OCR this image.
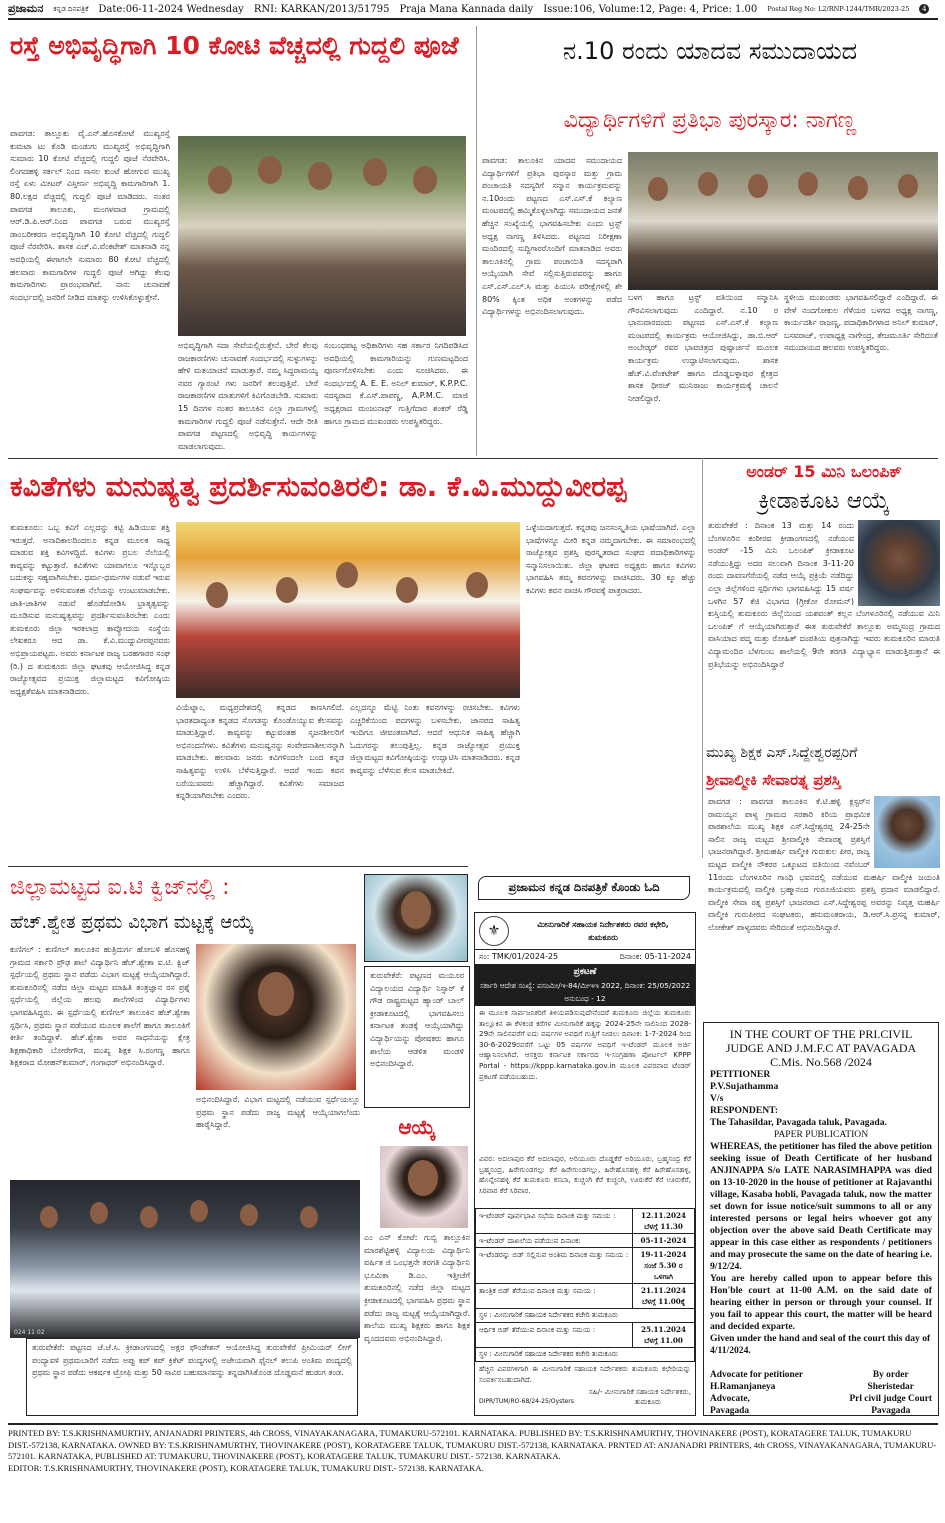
ಪ್ರಜಾಮನ ಕನ್ನಡ ದಿನಪತ್ರಿಕೆ Date:06-11-2024 Wednesday RNI: KARKAN/2013/51795 Praja Mana Kannada daily Issue:106, Volume:12, Page: 4, Price: 1.00 Postal Reg No: L2/RNP-1244/TMR/2023-25	4
ರಸ್ತೆ ಅಭಿವೃದ್ಧಿಗಾಗಿ 10 ಕೋಟಿ ವೆಚ್ಚದಲ್ಲಿ ಗುದ್ದಲಿ ಪೂಜೆ
ಪಾವಗಡ: ತಾಲ್ಲೂಕು ವೈ.ಎನ್.ಹೊಸಕೋಟೆ ಮುಖ್ಯರಸ್ತೆ ಕುಮಟಾ ಟು ಕೊಡಿ ಮಂಡುಗು ಮುಖ್ಯರಸ್ತೆ ಅಭಿವೃದ್ಧಿಗಾಗಿ ಸುಮಾರು 10 ಕೋಟಿ ವೆಚ್ಚದಲ್ಲಿ ಗುದ್ದಲಿ ಪೂಜೆ ನೆರವೇರಿಸಿ. ಲಿಂಗದಹಳ್ಳಿ ಸರ್ಕಲ್ ನಿಂದ ಸಾಸಲ ಕುಂಟೆ ಹೋಗುವ ಮುಖ್ಯ ರಸ್ತೆ ಏಳು ಮೀಟರ್ ವಿಸ್ತೀರ್ಣ ಅಭಿವೃದ್ಧಿ ಕಾಮಗಾರಿಗಾಗಿ 1. 80.ಲಕ್ಷದ ವೆಚ್ಚದಲ್ಲಿ ಗುದ್ದಲಿ ಪೂಜೆ ಮಾಡಿದರು. ನಂತರ ಪಾವಗಡ ತಾಲೂಕು, ಮಂಗಳವಾಡ ಗ್ರಾಮದಲ್ಲಿ ಆರ್.ಡಿ.ಪಿ.ಆರ್.ನಿಂದ ಪಾವಗಡ ಬರುವ ಮುಖ್ಯರಸ್ತೆ ಡಾಂಬರೀಕರಣ ಅಭಿವೃದ್ಧಿಗಾಗಿ 10 ಕೋಟಿ ವೆಚ್ಚದಲ್ಲಿ ಗುದ್ದಲಿ ಪೂಜೆ ನೆರವೇರಿಸಿ. ಶಾಸಕ ಎಚ್.ವಿ.ವೆಂಕಟೇಶ್ ಮಾತನಾಡಿ ನನ್ನ ಅವಧಿಯಲ್ಲಿ ಈಗಾಗಲೇ ಸುಮಾರು 80 ಕೋಟಿ ವೆಚ್ಚದಲ್ಲಿ ಹಲವಾರು ಕಾಮಗಾರಿಗಳ ಗುದ್ದಲಿ ಪೂಜೆ ಆಗಿದ್ದು ಕೆಲವು ಕಾಮಗಾರಿಗಳು ಪ್ರಾರಂಭವಾಗಿವೆ. ನಾನು ಚುನಾವಣೆ ಸಂದರ್ಭದಲ್ಲಿ ಜನರಿಗೆ ನೀಡಿದ ಮಾತನ್ನು ಉಳಿಸಿಕೊಳ್ಳುತ್ತೇನೆ.
ಅಭಿವೃದ್ಧಿಗಾಗಿ ಸದಾ ಸೇವೆಯಲ್ಲಿರುತ್ತೇನೆ. ಬೇರೆ ಕೆಲವು ರಾಜಕಾರಣಿಗಳು ಚುನಾವಣೆ ಸಂದರ್ಭದಲ್ಲಿ ಸುಳ್ಳುಗಳನ್ನು ಹೇಳಿ ಮತಯಾಚನೆ ಮಾಡುತ್ತಾರೆ. ನಮ್ಮ ಸಿದ್ದರಾಮಯ್ಯ ನವರ ಗ್ಯಾರಂಟಿ ಗಳು ಜನರಿಗೆ ತಲುಪುತ್ತಿವೆ. ಬೇರೆ ರಾಜಕಾರಣಿಗಳ ಮಾತುಗಳಿಗೆ ಕಿವಿಗೊಡಬೇಡಿ. ಸುಮಾರು 15 ದಿನಗಳ ನಂತರ ತಾಲೂಕಿನ ಎಲ್ಲಾ ಗ್ರಾಮಗಳಲ್ಲಿ ಕಾಮಗಾರಿಗಳ ಗುದ್ದಲಿ ಪೂಜೆ ನಡೆಸುತ್ತೇನೆ. ಆದೇ ರೀತಿ ಪಾವಗಡ ಪಟ್ಟಣದಲ್ಲಿ ಅಭಿವೃದ್ಧಿ ಕಾರ್ಯಗಳನ್ನು ಮಾಡಲಾಗುವುದು.
ಸಂಬಂಧಪಟ್ಟ ಅಧಿಕಾರಿಗಳು ಸಹ ಸರ್ಕಾರ ನಿಗದಿಪಡಿಸಿದ ಅವಧಿಯಲ್ಲಿ ಕಾಮಗಾರಿಯನ್ನು ಗುಣಮಟ್ಟದಿಂದ ಪೂರ್ಣಗೊಳಿಸಬೇಕು ಎಂದು ಸೂಚಿಸಿದರು. ಈ ಸಂದರ್ಭದಲ್ಲಿ A. E. E. ಅನಿಲ್ ಕುಮಾರ್, K.P.P.C. ಸದಸ್ಯರಾದ ಕೆ.ಎಸ್.ಪಾಪಣ್ಣ, A.P.M.C. ಮಾಜಿ ಅಧ್ಯಕ್ಷರಾದ ಮಂಜುನಾಥ್ ಗುತ್ತಿಗೆದಾರ ಶಂಕರ್ ರೆಡ್ಡಿ ಹಾಗೂ ಗ್ರಾಮದ ಮುಖಂಡರು ಉಪಸ್ಥಿತರಿದ್ದರು.
ನ.10 ರಂದು ಯಾದವ ಸಮುದಾಯದ
ವಿದ್ಯಾರ್ಥಿಗಳಿಗೆ ಪ್ರತಿಭಾ ಪುರಸ್ಕಾರ: ನಾಗಣ್ಣ
ಪಾವಗಡ: ತಾಲೂಕಿನ ಯಾದವ ಸಮುದಾಯದ ವಿದ್ಯಾರ್ಥಿಗಳಿಗೆ ಪ್ರತಿಭಾ ಪುರಸ್ಕಾರ ಮತ್ತು ಗ್ರಾಮ ಪಂಚಾಯತಿ ಸದಸ್ಯರಿಗೆ ಸನ್ಮಾನ ಕಾರ್ಯಕ್ರಮವನ್ನು ನ.10ರಂದು ಪಟ್ಟಣದ ಎಸ್.ಎಸ್.ಕೆ ಕಲ್ಯಾಣ ಮಂಟಪದಲ್ಲಿ ಹಮ್ಮಿಕೊಳ್ಳಲಾಗಿದ್ದು ಸಮುದಾಯದ ಜನತೆ ಹೆಚ್ಚಿನ ಸಂಖ್ಯೆಯಲ್ಲಿ ಭಾಗವಹಿಸಬೇಕು ಎಂದು ಟ್ರಸ್ಟ್ ಅಧ್ಯಕ್ಷ ನಾಗಣ್ಣ ತಿಳಿಸಿದರು. ಪಟ್ಟಣದ ನಿರೀಕ್ಷಣಾ ಮಂದಿರದಲ್ಲಿ ಸುದ್ದಿಗಾರರೊಂದಿಗೆ ಮಾತನಾಡಿದ ಅವರು ತಾಲೂಕಿನಲ್ಲಿ ಗ್ರಾಮ ಪಂಚಾಯಿತಿ ಸದಸ್ಯರಾಗಿ ಆಯ್ಕೆಯಾಗಿ ಸೇವೆ ಸಲ್ಲಿಸುತ್ತಿರುವವರನ್ನು ಹಾಗೂ ಎಸ್.ಎಸ್.ಎಲ್.ಸಿ ಮತ್ತು ಪಿಯುಸಿ ಪರೀಕ್ಷೆಗಳಲ್ಲಿ ಶೇ 80% ಕ್ಕಿಂತ ಅಧಿಕ ಅಂಕಗಳನ್ನು ಪಡೆದ ವಿದ್ಯಾರ್ಥಿಗಳನ್ನು ಅಭಿನಂದಿಸಲಾಗುವುದು.
ಬಳಗ ಹಾಗೂ ಟ್ರಸ್ಟ್ ವತಿಯಿಂದ ಸನ್ಮಾನಿಸಿ ಗೌರವಿಸಲಾಗುವುದು ಎಂದಿದ್ದಾರೆ. ನ.10 ರ ಭಾನುವಾರದಂದು ಪಟ್ಟಣದ ಎಸ್.ಎಸ್.ಕೆ ಕಲ್ಯಾಣ ಮಂಟಪದಲ್ಲಿ ಕಾರ್ಯಕ್ರಮ ಆಯೋಜಿಸಿದ್ದು, ಡಾ.ಬಿ.ಆರ್ ಅಂಬೇಡ್ಕರ್ ರವರ ಭಾವಚಿತ್ರದ ಪುಷ್ಪಾರ್ಚನೆ ಮೂಲಕ ಕಾರ್ಯಕ್ರಮ ಉದ್ಘಾಟಿಸಲಾಗುವುದು. ಶಾಸಕ ಹೆಚ್.ವಿ.ವೆಂಕಟೇಶ್ ಹಾಗೂ ದೊಡ್ಡಬಳ್ಳಾಪುರ ಕ್ಷೇತ್ರದ ಶಾಸಕ ಧೀರಜ್ ಮುನಿರಾಜು ಕಾರ್ಯಕ್ರಮಕ್ಕೆ ಚಾಲನೆ ನೀಡಲಿದ್ದಾರೆ.
ಸ್ಥಳೀಯ ಮುಖಂಡರು ಭಾಗವಹಿಸಲಿದ್ದಾರೆ ಎಂದಿದ್ದಾರೆ. ಈ ವೇಳೆ ನಂದಗೋಕುಲ ಗೆಳೆಯರ ಬಳಗದ ಅಧ್ಯಕ್ಷ ನಾಗಣ್ಣ, ಕಾರ್ಯದರ್ಶಿ ರಾಜಣ್ಣ, ಪದಾಧಿಕಾರಿಗಳಾದ ಅನಿಲ್ ಕುಮಾರ್, ಬಸವರಾಜ್, ಉಪಾಧ್ಯಕ್ಷ ನಾಗೇಂದ್ರ, ತೇಜಮೂರ್ತಿ ಸೇರಿದಂತೆ ಸಮುದಾಯದ ಹಲವರು ಉಪಸ್ಥಿತರಿದ್ದರು.
ಕವಿತೆಗಳು ಮನುಷ್ಯತ್ವ ಪ್ರದರ್ಶಿಸುವಂತಿರಲಿ: ಡಾ. ಕೆ.ವಿ.ಮುದ್ದುವೀರಪ್ಪ
ತುಮಕೂರು: ಒಬ್ಬ ಕವಿಗೆ ಎಲ್ಲದನ್ನು ಕಟ್ಟಿ ಹಿಡಿಯುವ ಶಕ್ತಿ ಇರುತ್ತದೆ. ಅನಾದಿಕಾಲದಿಂದಲೂ ಕನ್ನಡ ಮೂಲಕ ಸಾಧ್ಯ ಮಾಡುವ ಶಕ್ತಿ ಕವಿಗಳದ್ದಿದೆ. ಕವಿಗಳು ಪ್ರಬಲ ನೆಲೆಯಲ್ಲಿ ಕಾವ್ಯವನ್ನು ಕಟ್ಟುತ್ತಾರೆ. ಕವಿತೆಗಳು ಯಾವಾಗಲೂ ಇನ್ನೊಬ್ಬರ ಬದುಕನ್ನು ಸಹ್ಯವಾಗಿಸಬೇಕು. ಧರ್ಮ-ಧರ್ಮಗಳ ನಡುವೆ ಇರುವ ಸಂಘರ್ಷವನ್ನು ಅಳಿಸುವಂತಹ ನೆಲೆಯನ್ನು ಉಂಟುಮಾಡಬೇಕು. ಜಾತಿ-ಜಾತಿಗಳ ನಡುವೆ ಹೊಡೆದೋಡಿಸಿ ಭ್ರಾತೃತ್ವವನ್ನು ಮೂಡಿಸುವ ಮನುಷ್ಯತ್ವವನ್ನು ಪ್ರದರ್ಶಿಸುವಂತಿರಬೇಕು ಎಂದು ತುಮಕೂರು ಜಿಲ್ಲಾ ಇರಕಲಾದ್ರ ಕಾವ್ಯೋದಯ ಸಂಸ್ಥೆಯ ಲೇಖಕರೂ ಆದ ಡಾ. ಕೆ.ವಿ.ಮುದ್ದುವೀರಪ್ಪನವರು ಅಭಿಪ್ರಾಯಪಟ್ಟರು. ಅವರು ಕರ್ನಾಟಕ ರಾಜ್ಯ ಬರಹಗಾರರ ಸಂಘ (ರಿ.) ದ ತುಮಕೂರು ಜಿಲ್ಲಾ ಘಟಕವು ಆಯೋಜಿಸಿದ್ದ ಕನ್ನಡ ರಾಜ್ಯೋತ್ಸವದ ಪ್ರಯುಕ್ತ ಜಿಲ್ಲಾಮಟ್ಟದ ಕವಿಗೋಷ್ಠಿಯ ಅಧ್ಯಕ್ಷತೆವಹಿಸಿ ಮಾತನಾಡಿದರು.
ವಿಯೆಟ್ನಾಂ, ಮಧ್ಯಪ್ರದೇಶದಲ್ಲಿ ಕನ್ನಡದ ಕಾಣಸಿಗಲಿದೆ. ಭಾರತದಾದ್ಯಂತ ಕನ್ನಡದ ಸೊಗಡನ್ನು ಕೊಂಡೊಯ್ಯುವ ಕೆಲಸವನ್ನು ಮಾಡುತ್ತಿದ್ದಾರೆ. ಕಾವ್ಯವನ್ನು ಕಟ್ಟುವಂತಹ ಸೃಜನಶೀಲರಿಗೆ ಅಭಿನಂದನೆಗಳು. ಕವಿತೆಗಳು ಮನುಷ್ಯನನ್ನು ಸಂವೇದನಾಶೀಲನನ್ನಾಗಿ ಮಾಡಬೇಕು. ಹಲವಾರು ಜನರು ಕವಿಗಳಿಂದಲೇ ಬಂದ ಕನ್ನಡ ಸಾಹಿತ್ಯವನ್ನು ಉಳಿಸಿ ಬೆಳೆಸುತ್ತಿದ್ದಾರೆ. ಆದರೆ ಇಂದು ಕವನ ಬರೆಯುವವರು ಹೆಚ್ಚಾಗಿದ್ದಾರೆ. ಕವಿತೆಗಳು ಸಮಾಜದ ಕನ್ನಡಿಯಾಗಿರಬೇಕು ಎಂದರು.
ಎಲ್ಲದನ್ನೂ ಮೆಟ್ಟಿ ನಿಂತು ಕವನಗಳನ್ನು ರಚಿಸಬೇಕು. ಕವಿಗಳು ಎಚ್ಚರಿಕೆಯಿಂದ ಪದಗಳನ್ನು ಬಳಸಬೇಕು. ಜಾನಪದ ಸಾಹಿತ್ಯ ಇಂದಿಗೂ ಜೀವಂತವಾಗಿದೆ. ಆದರೆ ಆಧುನಿಕ ಸಾಹಿತ್ಯ ಹೆಚ್ಚಾಗಿ ಓದುಗರನ್ನು ತಲುಪುತ್ತಿಲ್ಲ. ಕನ್ನಡ ರಾಜ್ಯೋತ್ಸವ ಪ್ರಯುಕ್ತ ಜಿಲ್ಲಾಮಟ್ಟದ ಕವಿಗೋಷ್ಠಿಯನ್ನು ಉದ್ಘಾಟಿಸಿ ಮಾತನಾಡಿದರು. ಕನ್ನಡ ಕಾವ್ಯವನ್ನು ಬೆಳೆಸುವ ಕೆಲಸ ಮಾಡಬೇಕಿದೆ.
ಒಳ್ಳೆಯದಾಗುತ್ತದೆ. ಕನ್ನಡವು ಜನಸಂಸ್ಕೃತಿಯ ಭಾಷೆಯಾಗಿದೆ. ಎಲ್ಲಾ ಭಾಷೆಗಳನ್ನೂ ಮೀರಿ ಕನ್ನಡ ನಮ್ಮದಾಗಬೇಕು. ಈ ಸಮಾರಂಭದಲ್ಲಿ ರಾಜ್ಯೋತ್ಸವ ಪ್ರಶಸ್ತಿ ಪುರಸ್ಕೃತರಾದ ಸಂಘದ ಪದಾಧಿಕಾರಿಗಳನ್ನು ಸನ್ಮಾನಿಸಲಾಯಿತು. ಜಿಲ್ಲಾ ಘಟಕದ ಅಧ್ಯಕ್ಷರು ಹಾಗೂ ಕವಿಗಳು ಭಾಗವಹಿಸಿ ತಮ್ಮ ಕವನಗಳನ್ನು ವಾಚಿಸಿದರು. 30 ಕ್ಕೂ ಹೆಚ್ಚು ಕವಿಗಳು ಕವನ ವಾಚಿಸಿ ಗೌರವಕ್ಕೆ ಪಾತ್ರರಾದರು.
ಅಂಡರ್ 15 ಮಿನಿ ಒಲಂಪಿಕ್
ಕ್ರೀಡಾಕೂಟ ಆಯ್ಕೆ
ತುರುವೇಕೆರೆ : ದಿನಾಂಕ 13 ಮತ್ತು 14 ರಂದು ಬೆಂಗಳೂರಿನ ಕಂಠೀರವ ಕ್ರೀಡಾಂಗಣದಲ್ಲಿ ನಡೆಯುವ ಅಂಡರ್ -15 ಮಿನಿ ಒಲಂಪಿಕ್ ಕ್ರೀಡಾಕೂಟ ನಡೆಯುತ್ತಿದ್ದು ಅದರ ಸಲುವಾಗಿ ದಿನಾಂಕ 3-11-20 ರಂದು ದಾವಣಗೆರೆಯಲ್ಲಿ ನಡೆದ ಆಯ್ಕೆ ಪ್ರಕ್ರಿಯೆ ನಡೆದಿದ್ದು ಎಲ್ಲಾ ಜಿಲ್ಲೆಗಳಿಂದ ಸ್ಪರ್ಧಿಗಳು ಭಾಗವಹಿಸಿದ್ದು 15 ವರ್ಷ ಒಳಗಿನ 57 ಕೆಜಿ ವಿಭಾಗದ (ಗ್ರೀಕೋ ರೋಮನ್) ಕುಸ್ತಿಯಲ್ಲಿ ತುಮಕೂರು ಜಿಲ್ಲೆಯಿಂದ ಯಶವಂತ್ ಕಲ್ಲನ ಬೆಂಗಳೂರಿನಲ್ಲಿ ನಡೆಯುವ ಮಿನಿ ಒಲಂಪಿಕ್ ಗೆ ಆಯ್ಕೆಯಾಗಿರುತ್ತಾರೆ ಈತ ತುರುವೇಕೆರೆ ತಾಲ್ಲೂಕು ಅಮ್ಮಸಂದ್ರ ಗ್ರಾಮದ ವಾಸಿಯಾದ ಪದ್ಮ ಮತ್ತು ರೋಹಿತ್ ದಂಪತಿಯ ಪುತ್ರನಾಗಿದ್ದು ಇವರು ತುಮಕೂರಿನ ಮಾರುತಿ ವಿದ್ಯಾಮಂದಿರ ಬೆಳಗುಂಬ ಶಾಲೆಯಲ್ಲಿ 9ನೇ ತರಗತಿ ವಿದ್ಯಾಭ್ಯಾಸ ಮಾಡುತ್ತಿರುತ್ತಾನೆ ಈ ಪ್ರತಿಭೆಯನ್ನು ಅಭಿನಂದಿಸಿದ್ದಾರೆ
ಮುಖ್ಯ ಶಿಕ್ಷಕ ಎಸ್.ಸಿದ್ದೇಶ್ವರಪ್ಪರಿಗೆ
ಶ್ರೀವಾಲ್ಮೀಕಿ ಸೇವಾರತ್ನ ಪ್ರಶಸ್ತಿ
ಪಾವಗಡ : ಪಾವಗಡ ತಾಲೂಕಿನ ಕೆ.ಟಿ.ಹಳ್ಳಿ ಕ್ಲಸ್ಟರ್‌ನ ರಾಮಯ್ಯನ ಪಾಳ್ಯ ಗ್ರಾಮದ ಸರಕಾರಿ ಕಿರಿಯ ಪ್ರಾಥಮಿಕ ಪಾಠಶಾಲೆಯ ಮುಖ್ಯ ಶಿಕ್ಷಕ ಎಸ್.ಸಿದ್ದೇಶ್ವರಪ್ಪ 24-25ನೇ ಸಾಲಿನ ರಾಜ್ಯ ಮಟ್ಟದ ಶ್ರೀವಾಲ್ಮೀಕಿ ಸೇವಾರತ್ನ ಪ್ರಶಸ್ತಿಗೆ ಭಾಜನರಾಗಿದ್ದಾರೆ. ಶ್ರೀಮಹರ್ಷಿ ವಾಲ್ಮೀಕಿ ಗುರುಕುಲ ಪೀಠ, ರಾಜ್ಯ ಮಟ್ಟದ ವಾಲ್ಮೀಕಿ ನೌಕರರ ಒಕ್ಕೂಟದ ವತಿಯಿಂದ ನವೆಂಬರ್ 11ರಂದು ಬೆಂಗಳೂರಿನ ಗಾಂಧಿ ಭವನದಲ್ಲಿ ನಡೆಯುವ ಮಹರ್ಷಿ ವಾಲ್ಮೀಕಿ ಜಯಂತಿ ಕಾರ್ಯಕ್ರಮದಲ್ಲಿ ವಾಲ್ಮೀಕಿ ಬ್ರಹ್ಮಾನಂದ ಗುರೂಜಿಯವರು ಪ್ರಶಸ್ತಿ ಪ್ರದಾನ ಮಾಡಲಿದ್ದಾರೆ. ವಾಲ್ಮೀಕಿ ಸೇವಾ ರತ್ನ ಪ್ರಶಸ್ತಿಗೆ ಭಾಜನರಾದ ಎಸ್.ಸಿದ್ದೇಶ್ವರಪ್ಪ ಅವರನ್ನು ನಿವೃತ್ತ ಮಹರ್ಷಿ ವಾಲ್ಮೀಕಿ ಗುರುಪೀಠದ ಸಂಘಟಕರು, ಹನುಮಂತರಾಯ, ಡಿ.ಆರ್.ಸಿ.ಪ್ರಸನ್ನ ಕುಮಾರ್, ಲೋಕೇಶ್ ಪಾಳ್ಯದವರು ಸೇರಿದಂತೆ ಅಭಿನಂದಿಸಿದ್ದಾರೆ.
ಜಿಲ್ಲಾಮಟ್ಟದ ಐ.ಟಿ ಕ್ವಿಜ್‌ನಲ್ಲಿ :
ಹೆಚ್.ಶ್ವೇತ ಪ್ರಥಮ ವಿಭಾಗ ಮಟ್ಟಕ್ಕೆ ಆಯ್ಕೆ
ಕುಣಿಗಲ್ : ಕುಣಿಗಲ್ ತಾಲೂಕಿನ ಹುತ್ರಿದುರ್ಗ ಹೋಬಳಿ ಹೊಸಹಳ್ಳಿ ಗ್ರಾಮದ ಸರ್ಕಾರಿ ಪ್ರೌಢ ಶಾಲೆ ವಿದ್ಯಾರ್ಥಿನಿ ಹೆಚ್.ಶ್ವೇತಾ ಐ.ಟಿ. ಕ್ವಿಜ್ ಸ್ಪರ್ಧೆಯಲ್ಲಿ ಪ್ರಥಮ ಸ್ಥಾನ ಪಡೆದು ವಿಭಾಗ ಮಟ್ಟಕ್ಕೆ ಆಯ್ಕೆಯಾಗಿದ್ದಾರೆ. ತುಮಕೂರಿನಲ್ಲಿ ನಡೆದ ಜಿಲ್ಲಾ ಮಟ್ಟದ ಮಾಹಿತಿ ತಂತ್ರಜ್ಞಾನ ರಸ ಪ್ರಶ್ನೆ ಸ್ಪರ್ಧೆಯಲ್ಲಿ ಜಿಲ್ಲೆಯ ಹಲವು ಶಾಲೆಗಳಿಂದ ವಿದ್ಯಾರ್ಥಿಗಳು ಭಾಗವಹಿಸಿದ್ದರು. ಈ ಸ್ಪರ್ಧೆಯಲ್ಲಿ ಕುಣಿಗಲ್ ತಾಲೂಕಿನ ಹೆಚ್.ಶ್ವೇತಾ ಸ್ಪರ್ಧಿಸಿ, ಪ್ರಥಮ ಸ್ಥಾನ ಪಡೆಯುವ ಮೂಲಕ ಶಾಲೆಗೆ ಹಾಗೂ ತಾಲೂಕಿಗೆ ಕೀರ್ತಿ ತಂದಿದ್ದಾಳೆ. ಹೆಚ್.ಶ್ವೇತಾ ಅವರ ಸಾಧನೆಯನ್ನು ಕ್ಷೇತ್ರ ಶಿಕ್ಷಣಾಧಿಕಾರಿ ಬೋರೇಗೌಡ, ಮುಖ್ಯ ಶಿಕ್ಷಕ ಸಿ.ರಂಗಣ್ಣ ಹಾಗೂ ಶಿಕ್ಷಕರಾದ ಮೋಹನ್‌ಕುಮಾರ್, ಗಂಗಾಧರ್ ಅಭಿನಂದಿಸಿದ್ದಾರೆ.
ಅಭಿನಂದಿಸಿದ್ದಾರೆ. ವಿಭಾಗ ಮಟ್ಟದಲ್ಲಿ ನಡೆಯುವ ಸ್ಪರ್ಧೆಯಲ್ಲೂ ಪ್ರಥಮ ಸ್ಥಾನ ಪಡೆದು ರಾಜ್ಯ ಮಟ್ಟಕ್ಕೆ ಆಯ್ಕೆಯಾಗಲೆಂದು ಹಾರೈಸಿದ್ದಾರೆ.
ತುರುವೇಕೆರೆ: ಪಟ್ಟಣದ ಮಯೂರ ವಿದ್ಯಾಲಯದ ವಿದ್ಯಾರ್ಥಿ ನಿಸ್ಸಾರ್ ಕೆ ಗೌಡ ರಾಷ್ಟ್ರಮಟ್ಟದ ಹ್ಯಾಂಡ್ ಬಾಲ್ ಕ್ರೀಡಾಕೂಟದಲ್ಲಿ ಭಾಗವಹಿಸಲು ಕರ್ನಾಟಕ ತಂಡಕ್ಕೆ ಆಯ್ಕೆಯಾಗಿದ್ದು ವಿದ್ಯಾರ್ಥಿಯನ್ನು ಪೋಷಕರು ಹಾಗೂ ಶಾಲೆಯ ಆಡಳಿತ ಮಂಡಳಿ ಅಭಿನಂದಿಸಿದ್ದಾರೆ.
ಆಯ್ಕೆ
ಎಂ ಎನ್ ಕೋಟೆ: ಗುಬ್ಬಿ ತಾಲ್ಲೂಕಿನ ಮಾರಶೆಟ್ಟಿಹಳ್ಳಿ ವಿದ್ಯಾಲಯ ವಿದ್ಯಾರ್ಥಿನಿ ವರ್ಷಿತ ಜಿ ಒಂಭತ್ತನೇ ತರಗತಿ ವಿದ್ಯಾರ್ಥಿನಿ ಭೂಮಿಕಾ ಡಿ.ಎಂ. ಇತ್ತೀಚೆಗೆ ತುಮಕೂರಿನಲ್ಲಿ ನಡೆದ ಜಿಲ್ಲಾ ಮಟ್ಟದ ಕ್ರೀಡಾಕೂಟದಲ್ಲಿ ಭಾಗವಹಿಸಿ ಪ್ರಥಮ ಸ್ಥಾನ ಪಡೆದು ರಾಜ್ಯ ಮಟ್ಟಕ್ಕೆ ಆಯ್ಕೆಯಾಗಿದ್ದಾರೆ. ಶಾಲೆಯ ಮುಖ್ಯ ಶಿಕ್ಷಕರು ಹಾಗೂ ಶಿಕ್ಷಕ ವೃಂದದವರು ಅಭಿನಂದಿಸಿದ್ದಾರೆ.
024 11 02
ತುರುವೇಕೆರೆ: ಪಟ್ಟಣದ ಜೆ.ಜೆ.ಸಿ. ಕ್ರೀಡಾಂಗಣದಲ್ಲಿ ಅಕ್ಷರ ಫೌಂಡೇಶನ್ ಆಯೋಜಿಸಿದ್ದ ತುರುವೇಕೆರೆ ಪ್ರೀಮಿಯರ್ ಲೀಗ್ ಪಂದ್ಯಾವಳಿ ಪ್ರಥಮಬಾರಿಗೆ ನಡೆದು ಅಪ್ಪು ಕಪ್ ಕಪ್ ಕ್ರಿಕೆಟ್ ಪಂದ್ಯಗಳಲ್ಲಿ ಅಜೇಯವಾಗಿ ಫೈನಲ್ ತಲುಪಿ ಅಂತಿಮ ಪಂದ್ಯದಲ್ಲಿ ಪ್ರಥಮ ಸ್ಥಾನ ಪಡೆದು ಆಕರ್ಷಕ ಟ್ರೋಫಿ ಮತ್ತು 50 ಸಾವಿರ ಬಹುಮಾನವನ್ನು ತನ್ನದಾಗಿಸಿಕೊಂಡ ದೊಡ್ಡಮನೆ ಹುಡುಗ ತಂಡ.
ಪ್ರಜಾಮನ ಕನ್ನಡ ದಿನಪತ್ರಿಕೆ ಕೊಂಡು ಓದಿ
⚜	ಮೀನುಗಾರಿಕೆ ಸಹಾಯಕ ನಿರ್ದೇಶಕರು ರವರ ಕಛೇರಿ,
ತುಮಕೂರು
ಸಂ: TMK/01/2024-25	ದಿನಾಂಕ: 05-11-2024
ಪ್ರಕಟಣೆ
ಸರ್ಕಾರಿ ಆದೇಶ ಸಂಖ್ಯೆ: ಪಸಂಮೀ/ಇ-84/ಮೀಇಇ 2022, ದಿನಾಂಕ: 25/05/2022
ಅನುಬಂಧ - 12
ಈ ಮೂಲಕ ಸಾರ್ವಜನಿಕರಿಗೆ ತಿಳಿಯಪಡಿಸುವುದೇನೆಂದರೆ ತುಮಕೂರು ಜಿಲ್ಲೆಯ ತುಮಕೂರು ತಾಲ್ಲೂಕಿನ ಈ ಕೆಳಕಂಡ ಕರೆಗಳ ಮೀನುಗಾರಿಕೆ ಹಕ್ಕನ್ನು 2024-25ನೇ ಸಾಲಿನಿಂದ 2028-29ನೇ ಸಾಲಿನವರೆಗೆ ಐದು ವರ್ಷಗಳ ಅವಧಿಗೆ ಗುತ್ತಿಗೆ ನೀಡಲು ದಿನಾಂಕ: 1-7-2024 ರಿಂದ 30-6-2029ರವರೆಗೆ ಒಟ್ಟು 05 ವರ್ಷಗಳ ಅವಧಿಗೆ ಇ-ಟೆಂಡರ್ ಮೂಲಕ ಅರ್ಜಿ ಆಹ್ವಾನಿಸಲಾಗಿದೆ. ಆಸಕ್ತರು ಕರ್ನಾಟಕ ಸರ್ಕಾರದ ಇ-ಸಂಗ್ರಹಣಾ ಪೋರ್ಟಲ್ KPPP Portal - https://kppp.karnataka.gov.in ಮೂಲಕ ವಿವರವಾದ ಟೆಂಡರ್ ಪ್ರಕಟಣೆ ಪಡೆಯಬಹುದು.
ವಿವರ: ಅದಲಾಪುರ ಕೆರೆ ಅದಲಾಪುರ, ಅರಿಯೂರು ದೊಡ್ಡಕೆರೆ ಅರಿಯೂರು, ಬ್ರಹ್ಮಸಂದ್ರ ಕೆರೆ ಬ್ರಹ್ಮಸಂದ್ರ, ಹಿರೇಗುಂಡಗಲ್ಲು ಕೆರೆ ಹಿರೇಗುಂಡಗಲ್ಲು, ಹಿರೇಹೊಸಹಳ್ಳಿ ಕೆರೆ ಹಿರೇಹೊಸಹಳ್ಳಿ, ಹೊನ್ನೇನಹಳ್ಳಿ ಕೆರೆ ತುಮಕೂರು ಕಸಬಾ, ಕುಚ್ಚಂಗಿ ಕೆರೆ ಕುಚ್ಚಂಗಿ, ಊರುಕೆರೆ ಕೆರೆ ಊರುಕೆರೆ, ಸಿರಿವಾರ ಕೆರೆ ಸಿರಿವಾರ.
ಇ-ಟೆಂಡರ್ ಪೂರ್ವಭಾವಿ ಸಭೆಯ ದಿನಾಂಕ ಮತ್ತು ಸಮಯ :	12.11.2024
ಬೆಳಗ್ಗೆ 11.30

ಇ-ಟೆಂಡರ್ ದಾಖಲೆಯ ಪಡೆಯುವ ದಿನಾಂಕ:	05-11-2024

ಇ-ಟೆಂಡರನ್ನು ಬಿಡ್ ಸಲ್ಲಿಸುವ ಅಂತಿಮ ದಿನಾಂಕ ಮತ್ತು ಸಮಯ :	19-11-2024
ಸಂಜೆ 5.30 ರ ಒಳಗಾಗಿ

ತಾಂತ್ರಿಕ ಬಿಡ್ ತೆರೆಯುವ ದಿನಾಂಕ ಮತ್ತು ಸಮಯ :	21.11.2024
ಬೆಳಗ್ಗೆ 11.00ಕ್ಕೆ

ಸ್ಥಳ : ಮೀನುಗಾರಿಕೆ ಸಹಾಯಕ ನಿರ್ದೇಶಕರ ಕಚೇರಿ ತುಮಕೂರು	
ಆರ್ಥಿಕ ಬಿಡ್ ತೆರೆಯುವ ದಿನಾಂಕ ಮತ್ತು ಸಮಯ :	25.11.2024
ಬೆಳಗ್ಗೆ 11.00

ಸ್ಥಳ : ಮೀನುಗಾರಿಕೆ ಸಹಾಯಕ ನಿರ್ದೇಶಕರ ಕಚೇರಿ ತುಮಕೂರು	
ಹೆಚ್ಚಿನ ವಿವರಗಳಿಗಾಗಿ ಈ ಮೀನುಗಾರಿಕೆ ಸಹಾಯಕ ನಿರ್ದೇಶಕರು ತುಮಕೂರು ಕಛೇರಿಯನ್ನು ಸಂಪರ್ಕಿಸಬಹುದಾಗಿದೆ.
ಸಹಿ/- ಮೀನುಗಾರಿಕೆ ಸಹಾಯಕ ನಿರ್ದೇಶಕರು,
DIPR/TUM/RO-68/24-25/Oysters	ತುಮಕೂರು
IN THE COURT OF THE PRI.CIVIL
JUDGE AND J.M.F.C AT PAVAGADA
C.Mis. No.568 /2024
PETITIONER
P.V.Sujathamma
V/s
RESPONDENT:
The Tahasildar, Pavagada taluk, Pavagada.
PAPER PUBLICATION
WHEREAS, the petitioner has filed the above petition seeking issue of Death Certificate of her husband ANJINAPPA S/o LATE NARASIMHAPPA was died on 13-10-2020 in the house of petitioner at Rajavanthi village, Kasaba hobli, Pavagada taluk, now the matter set down for issue notice/suit summons to all or any interested persons or legal heirs whoever got any objection over the above said Death Certificate may appear in this case either as respondents / petitioners and may prosecute the same on the date of hearing i.e. 9/12/24.
You are hereby called upon to appear before this Hon'ble court at 11-00 A.M. on the said date of hearing either in person or through your counsel. If you fail to appear this court, the matter will be heard and decided exparte.
Given under the hand and seal of the court this day of 4/11/2024.
Advocate for petitioner
H.Ramanjaneya
Advocate,
Pavagada
By order
Sheristedar
Prl civil judge Court
Pavagada
PRINTED BY: T.S.KRISHNAMURTHY, ANJANADRI PRINTERS, 4th CROSS, VINAYAKANAGARA, TUMAKURU-572101. KARNATAKA. PUBLISHED BY: T.S.KRISHNAMURTHY, THOVINAKERE (POST), KORATAGERE TALUK, TUMAKURU DIST.-572138, KARNATAKA. OWNED BY: T.S.KRISHNAMURTHY, THOVINAKERE (POST), KORATAGERE TALUK, TUMAKURU DIST.-572138, KARNATAKA. PRNTED AT: ANJANADRI PRINTERS, 4th CROSS, VINAYAKANAGARA, TUMAKURU-572101. KARNATAKA, PUBLISHED AT: TUMAKURU, THOVINAKERE (POST), KORATAGERE TALUK, TUMAKURU DIST.- 572138. KARNATAKA.
EDITOR: T.S.KRISHNAMURTHY, THOVINAKERE (POST), KORATAGERE TALUK, TUMAKURU DIST.- 572138. KARNATAKA.
